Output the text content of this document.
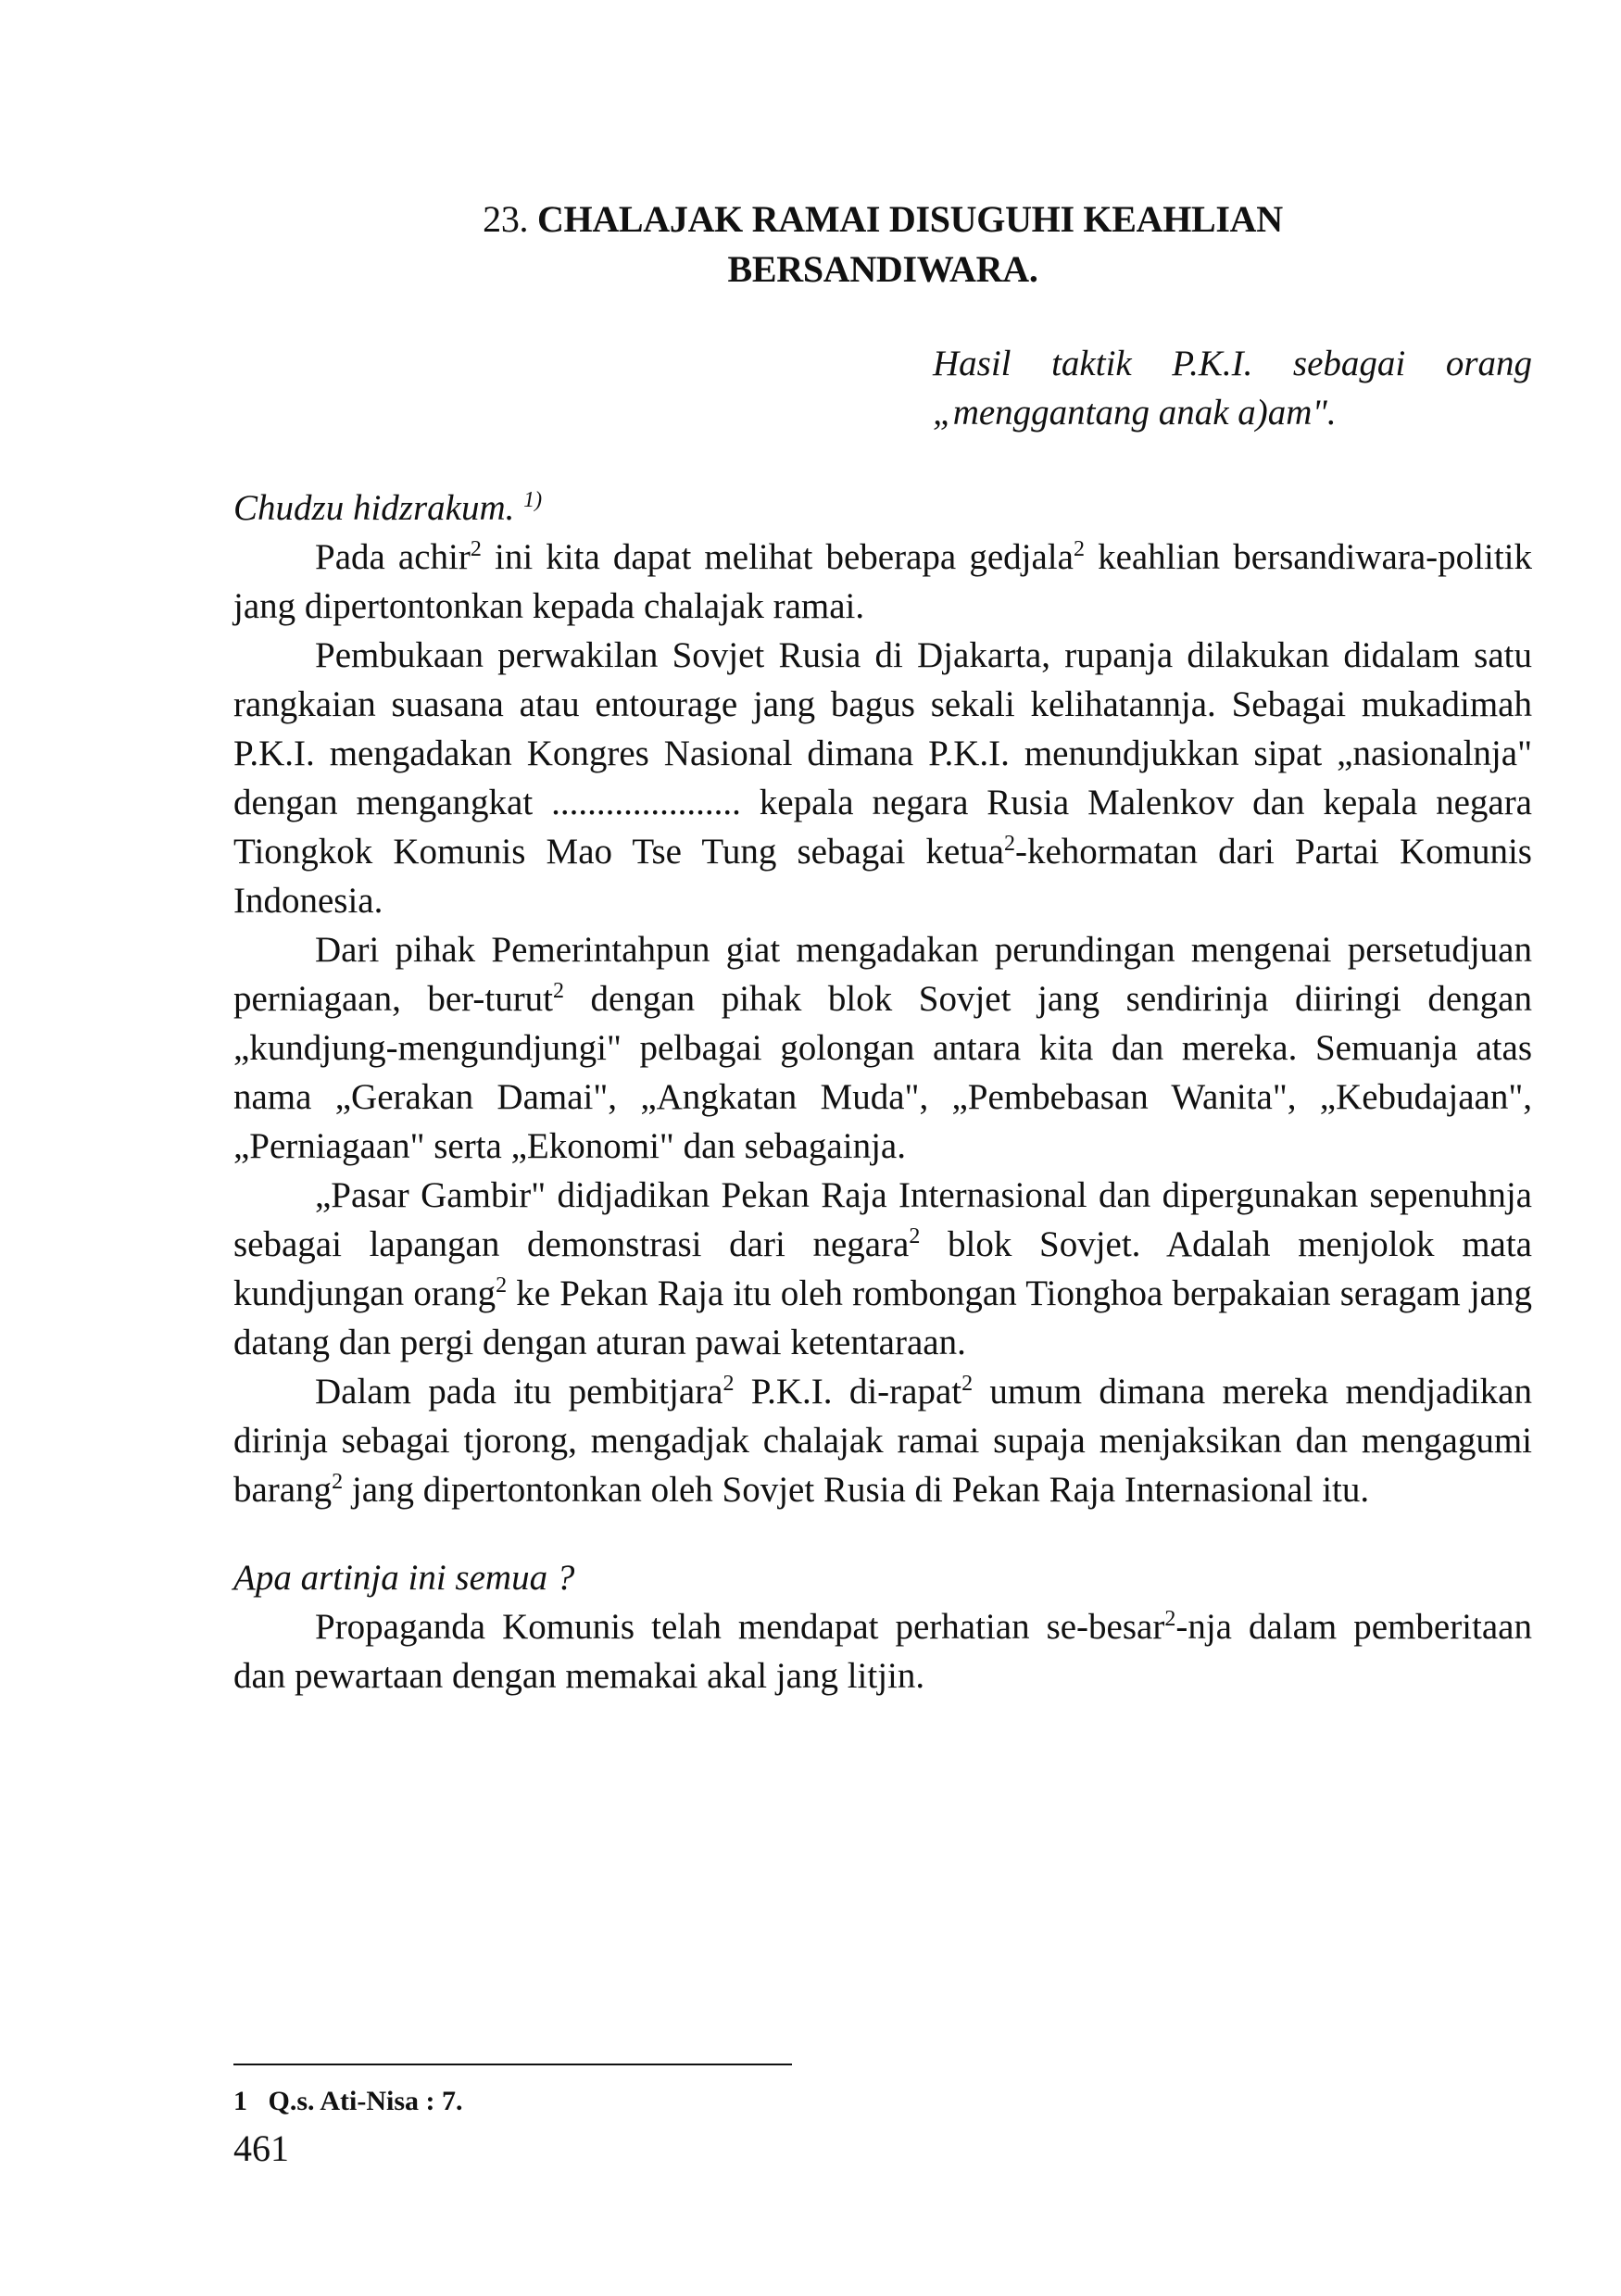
23. CHALAJAK RAMAI DISUGUHI KEAHLIAN
BERSANDIWARA.
Hasil taktik P.K.I. sebagai orang
„menggantang anak a)am".
Chudzu hidzrakum. $^{1)}$

Pada achir$^2$ ini kita dapat melihat beberapa gedjala$^2$ keahlian bersandiwara-politik jang dipertontonkan kepada chalajak ramai.

Pembukaan perwakilan Sovjet Rusia di Djakarta, rupanja dilakukan didalam satu rangkaian suasana atau entourage jang bagus sekali kelihatannja. Sebagai mukadimah P.K.I. mengadakan Kongres Nasional dimana P.K.I. menundjukkan sipat „nasionalnja" dengan mengangkat ..................... kepala negara Rusia Malenkov dan kepala negara Tiongkok Komunis Mao Tse Tung sebagai ketua$^2$-kehormatan dari Partai Komunis Indonesia.

Dari pihak Pemerintahpun giat mengadakan perundingan mengenai persetudjuan perniagaan, ber-turut$^2$ dengan pihak blok Sovjet jang sendirinja diiringi dengan „kundjung-mengundjungi" pelbagai golongan antara kita dan mereka. Semuanja atas nama „Gerakan Damai", „Angkatan Muda", „Pembebasan Wanita", „Kebudajaan", „Perniagaan" serta „Ekonomi" dan sebagainja.

„Pasar Gambir" didjadikan Pekan Raja Internasional dan dipergunakan sepenuhnja sebagai lapangan demonstrasi dari negara$^2$ blok Sovjet. Adalah menjolok mata kundjungan orang$^2$ ke Pekan Raja itu oleh rombongan Tionghoa berpakaian seragam jang datang dan pergi dengan aturan pawai ketentaraan.

Dalam pada itu pembitjara$^2$ P.K.I. di-rapat$^2$ umum dimana mereka mendjadikan dirinja sebagai tjorong, mengadjak chalajak ramai supaja menjaksikan dan mengagumi barang$^2$ jang dipertontonkan oleh Sovjet Rusia di Pekan Raja Internasional itu.

Apa artinja ini semua ?

Propaganda Komunis telah mendapat perhatian se-besar$^2$-nja dalam pemberitaan dan pewartaan dengan memakai akal jang litjin.

1 Q.s. Ati-Nisa : 7.
461
